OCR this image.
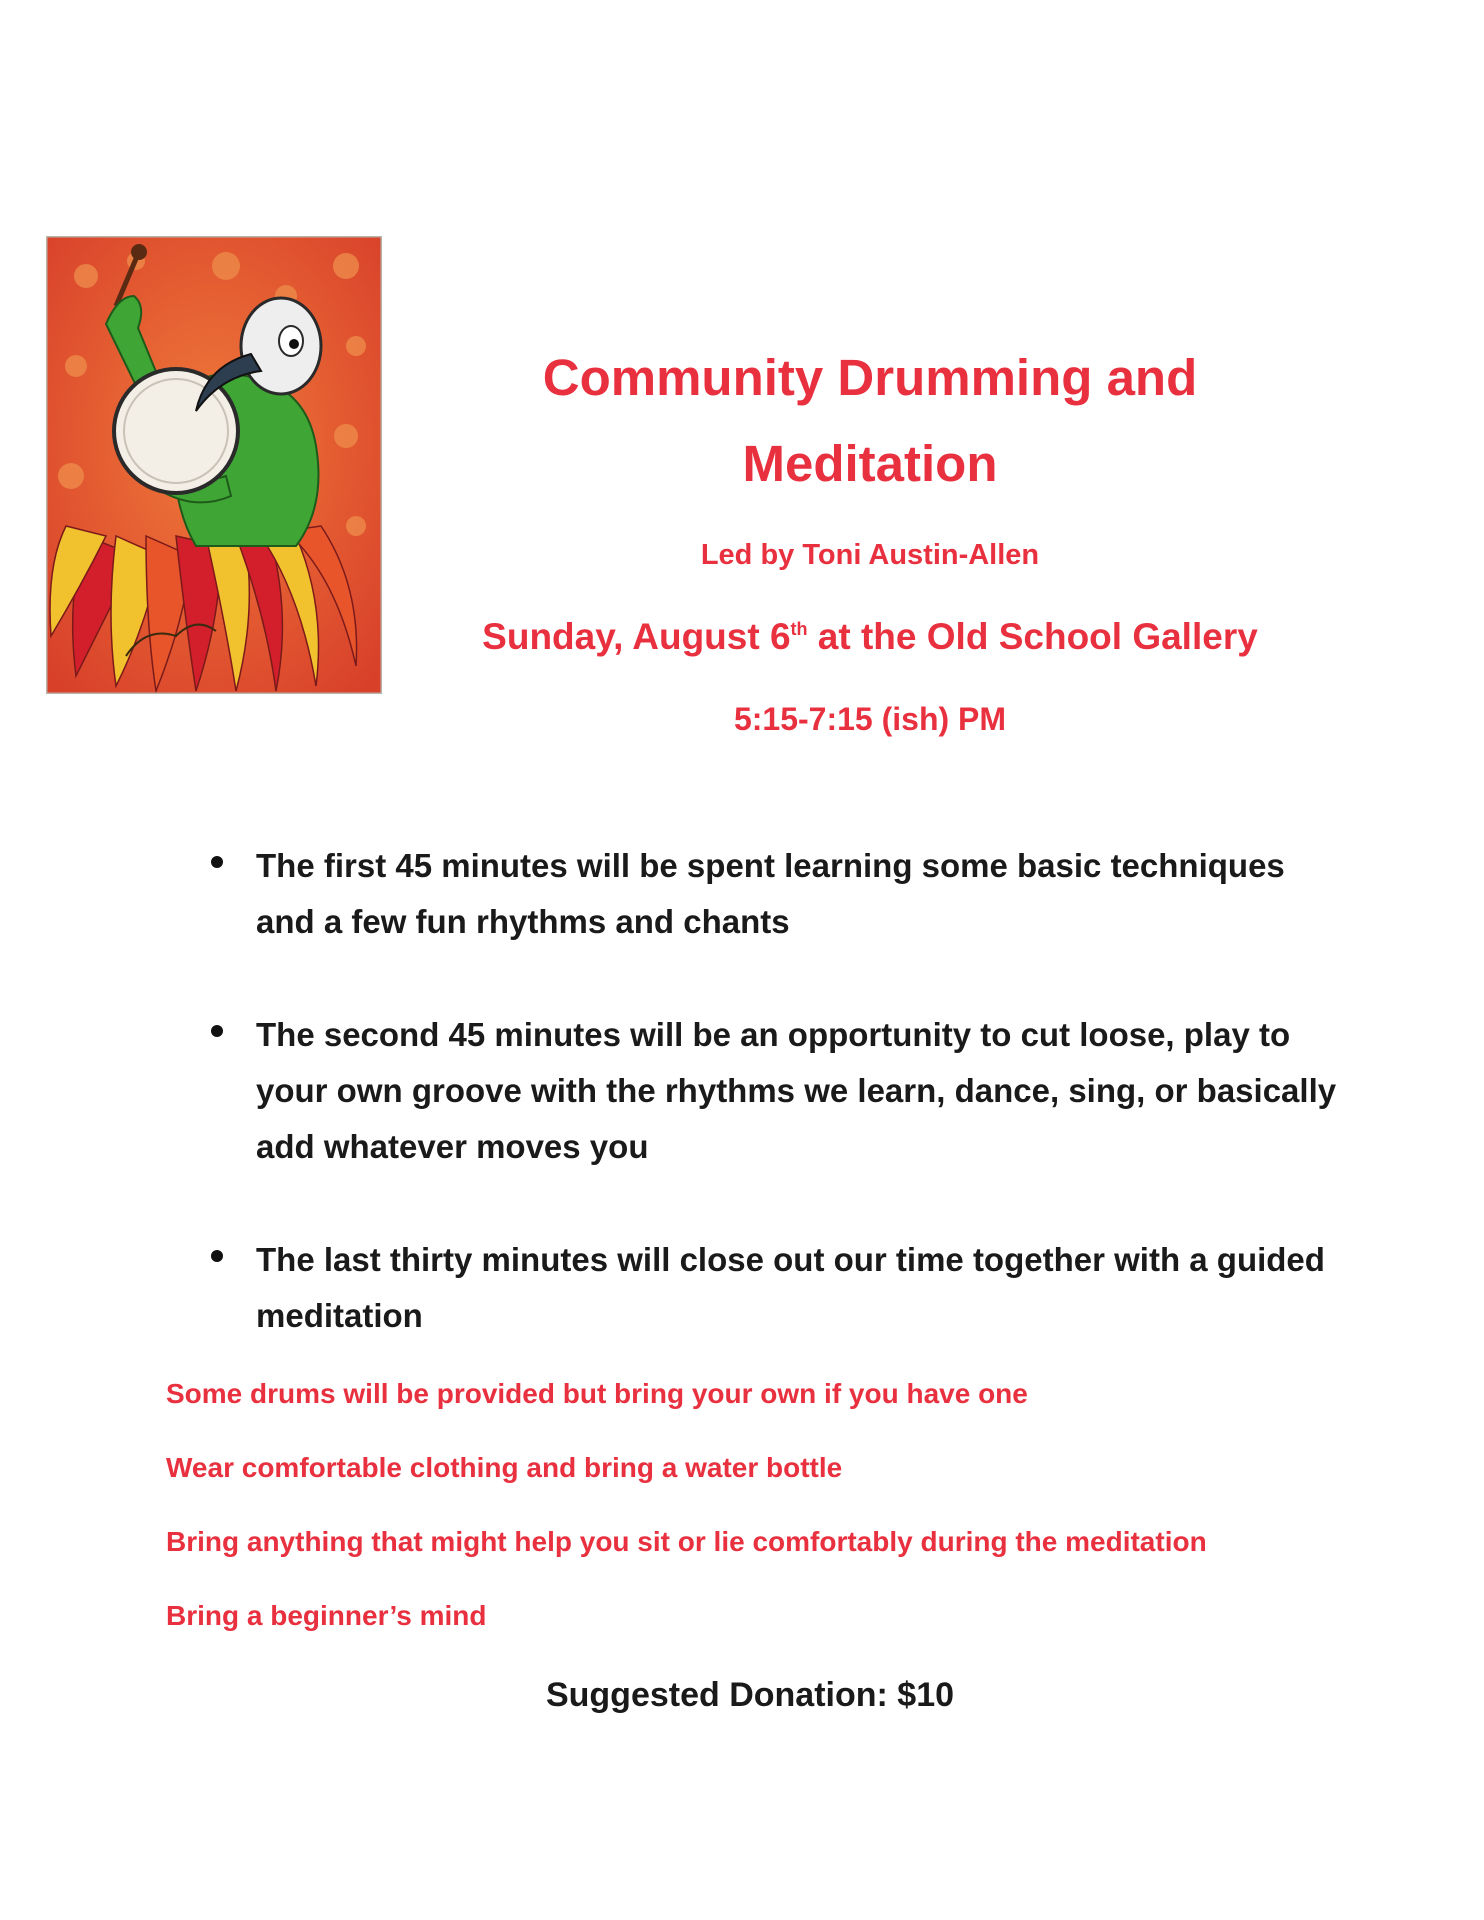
Community Drumming and
Meditation

Led by Toni Austin-Allen

Sunday, August 6th at the Old School Gallery

5:15-7:15 (ish) PM

The first 45 minutes will be spent learning some basic techniques and a few fun rhythms and chants

The second 45 minutes will be an opportunity to cut loose, play to your own groove with the rhythms we learn, dance, sing, or basically add whatever moves you

The last thirty minutes will close out our time together with a guided meditation

Some drums will be provided but bring your own if you have one

Wear comfortable clothing and bring a water bottle

Bring anything that might help you sit or lie comfortably during the meditation

Bring a beginner’s mind

Suggested Donation: $10
